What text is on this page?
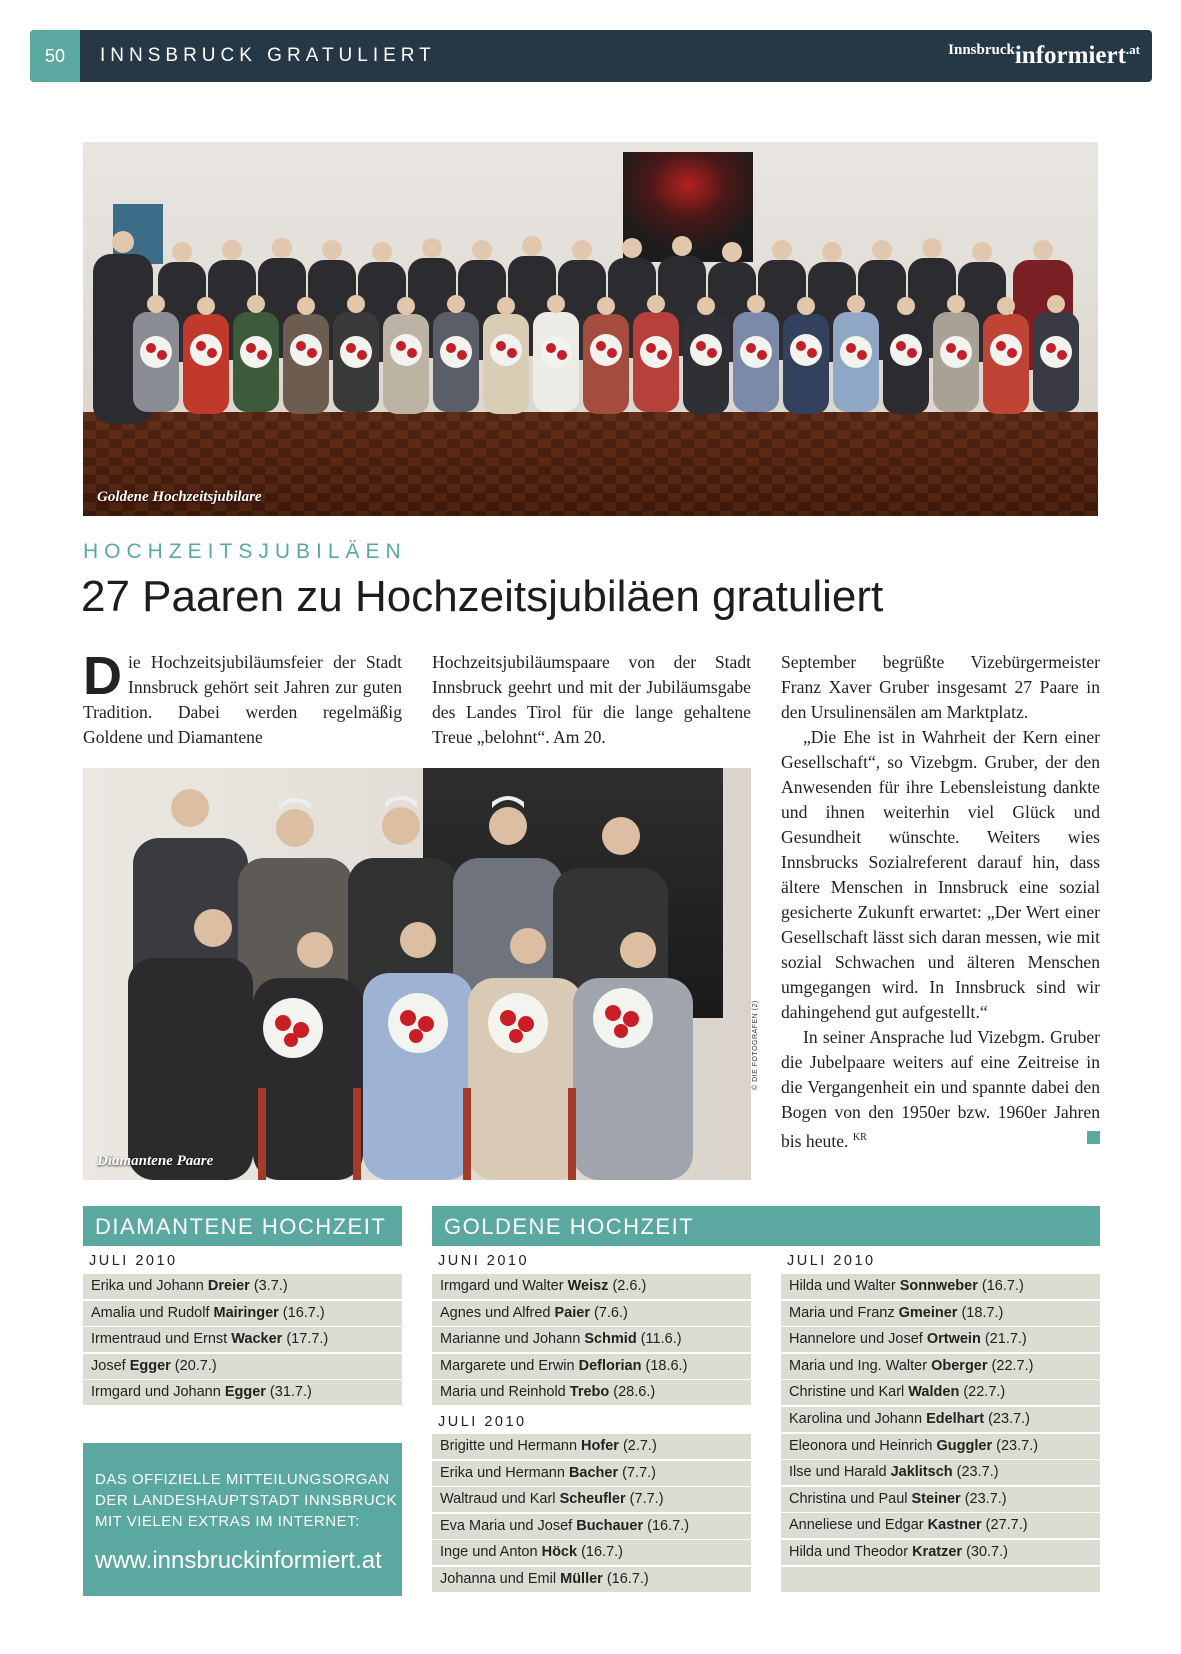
50	INNSBRUCK GRATULIERT	Innsbruckinformiert$^{.at}$
Goldene Hochzeitsjubilare
HOCHZEITSJUBILÄEN
27 Paaren zu Hochzeitsjubiläen gratuliert
Die Hochzeitsjubiläumsfeier der Stadt Innsbruck gehört seit Jahren zur guten Tradition. Dabei werden regelmäßig Goldene und Diamantene
Hochzeitsjubiläumspaare von der Stadt Innsbruck geehrt und mit der Jubiläumsgabe des Landes Tirol für die lange gehaltene Treue „belohnt“. Am 20.

September begrüßte Vizebürgermeister Franz Xaver Gruber insgesamt 27 Paare in den Ursulinensälen am Marktplatz.

„Die Ehe ist in Wahrheit der Kern einer Gesellschaft“, so Vizebgm. Gruber, der den Anwesenden für ihre Lebensleistung dankte und ihnen weiterhin viel Glück und Gesundheit wünschte. Weiters wies Innsbrucks Sozialreferent darauf hin, dass ältere Menschen in Innsbruck eine sozial gesicherte Zukunft erwartet: „Der Wert einer Gesellschaft lässt sich daran messen, wie mit sozial Schwachen und älteren Menschen umgegangen wird. In Innsbruck sind wir dahingehend gut aufgestellt.“

In seiner Ansprache lud Vizebgm. Gruber die Jubelpaare weiters auf eine Zeitreise in die Vergangenheit ein und spannte dabei den Bogen von den 1950er bzw. 1960er Jahren bis heute. $^{KR}$

Diamantene Paare
© DIE FOTOGRAFEN (2)
DIAMANTENE HOCHZEIT
JULI 2010
Erika und Johann Dreier (3.7.)
Amalia und Rudolf Mairinger (16.7.)
Irmentraud und Ernst Wacker (17.7.)
Josef Egger (20.7.)
Irmgard und Johann Egger (31.7.)
GOLDENE HOCHZEIT
JUNI 2010
Irmgard und Walter Weisz (2.6.)
Agnes und Alfred Paier (7.6.)
Marianne und Johann Schmid (11.6.)
Margarete und Erwin Deflorian (18.6.)
Maria und Reinhold Trebo (28.6.)
JULI 2010
Brigitte und Hermann Hofer (2.7.)
Erika und Hermann Bacher (7.7.)
Waltraud und Karl Scheufler (7.7.)
Eva Maria und Josef Buchauer (16.7.)
Inge und Anton Höck (16.7.)
Johanna und Emil Müller (16.7.)
JULI 2010
Hilda und Walter Sonnweber (16.7.)
Maria und Franz Gmeiner (18.7.)
Hannelore und Josef Ortwein (21.7.)
Maria und Ing. Walter Oberger (22.7.)
Christine und Karl Walden (22.7.)
Karolina und Johann Edelhart (23.7.)
Eleonora und Heinrich Guggler (23.7.)
Ilse und Harald Jaklitsch (23.7.)
Christina und Paul Steiner (23.7.)
Anneliese und Edgar Kastner (27.7.)
Hilda und Theodor Kratzer (30.7.)
DAS OFFIZIELLE MITTEILUNGSORGAN
DER LANDESHAUPTSTADT INNSBRUCK
MIT VIELEN EXTRAS IM INTERNET:
www.innsbruckinformiert.at
